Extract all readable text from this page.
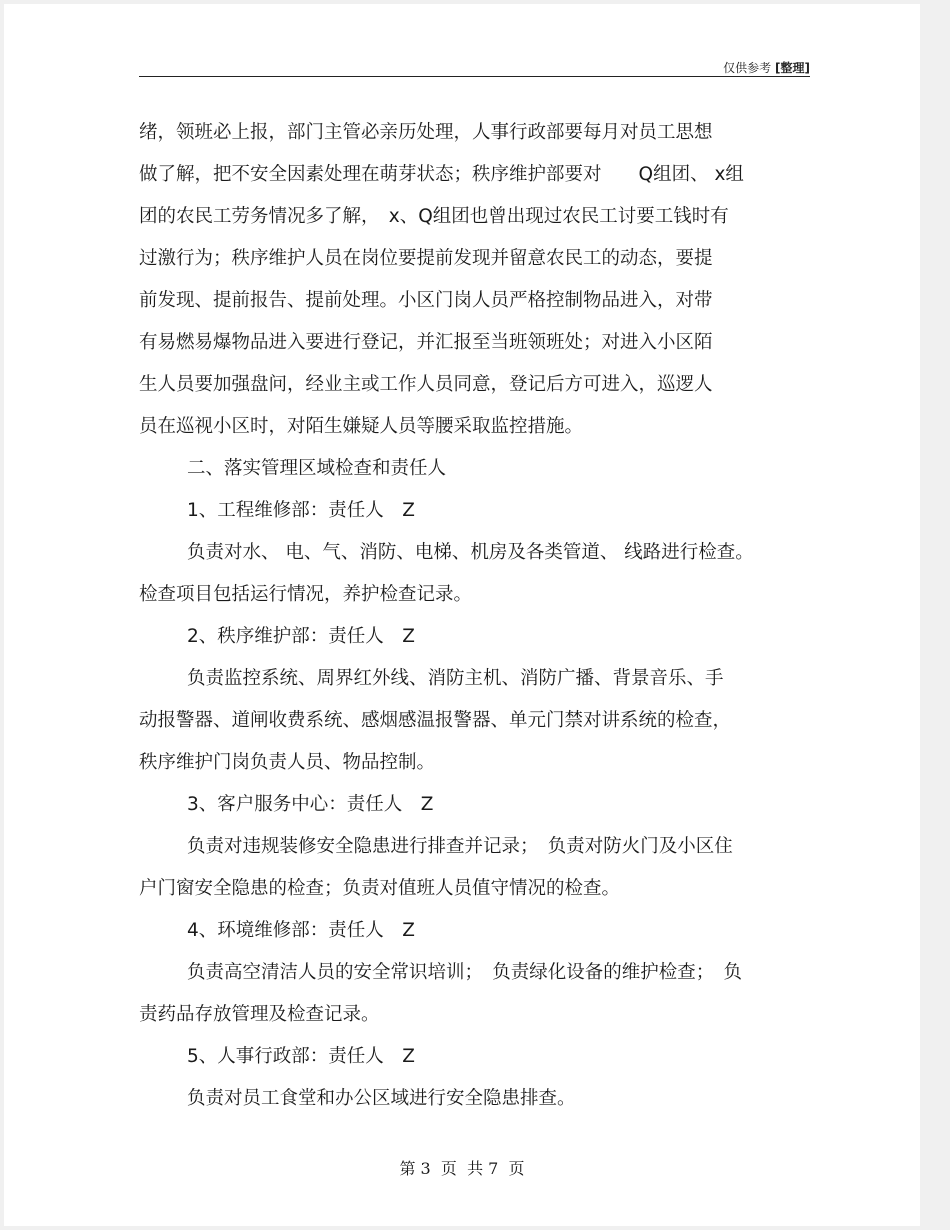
仅供参考 [整理]
绪，领班必上报，部门主管必亲历处理，人事行政部要每月对员工思想
做了解，把不安全因素处理在萌芽状态；秩序维护部要对　　Q组团、 x组
团的农民工劳务情况多了解，　x、Q组团也曾出现过农民工讨要工钱时有
过激行为；秩序维护人员在岗位要提前发现并留意农民工的动态，要提
前发现、提前报告、提前处理。小区门岗人员严格控制物品进入，对带
有易燃易爆物品进入要进行登记，并汇报至当班领班处；对进入小区陌
生人员要加强盘问，经业主或工作人员同意，登记后方可进入，巡逻人
员在巡视小区时，对陌生嫌疑人员等腰采取监控措施。
二、落实管理区域检查和责任人
1、工程维修部：责任人　Z
负责对水、 电、气、消防、电梯、机房及各类管道、 线路进行检查。
检查项目包括运行情况，养护检查记录。
2、秩序维护部：责任人　Z
负责监控系统、周界红外线、消防主机、消防广播、背景音乐、手
动报警器、道闸收费系统、感烟感温报警器、单元门禁对讲系统的检查，
秩序维护门岗负责人员、物品控制。
3、客户服务中心：责任人　Z
负责对违规装修安全隐患进行排查并记录；　负责对防火门及小区住
户门窗安全隐患的检查；负责对值班人员值守情况的检查。
4、环境维修部：责任人　Z
负责高空清洁人员的安全常识培训；　负责绿化设备的维护检查；　负
责药品存放管理及检查记录。
5、人事行政部：责任人　Z
负责对员工食堂和办公区域进行安全隐患排查。
第 3  页  共 7  页
